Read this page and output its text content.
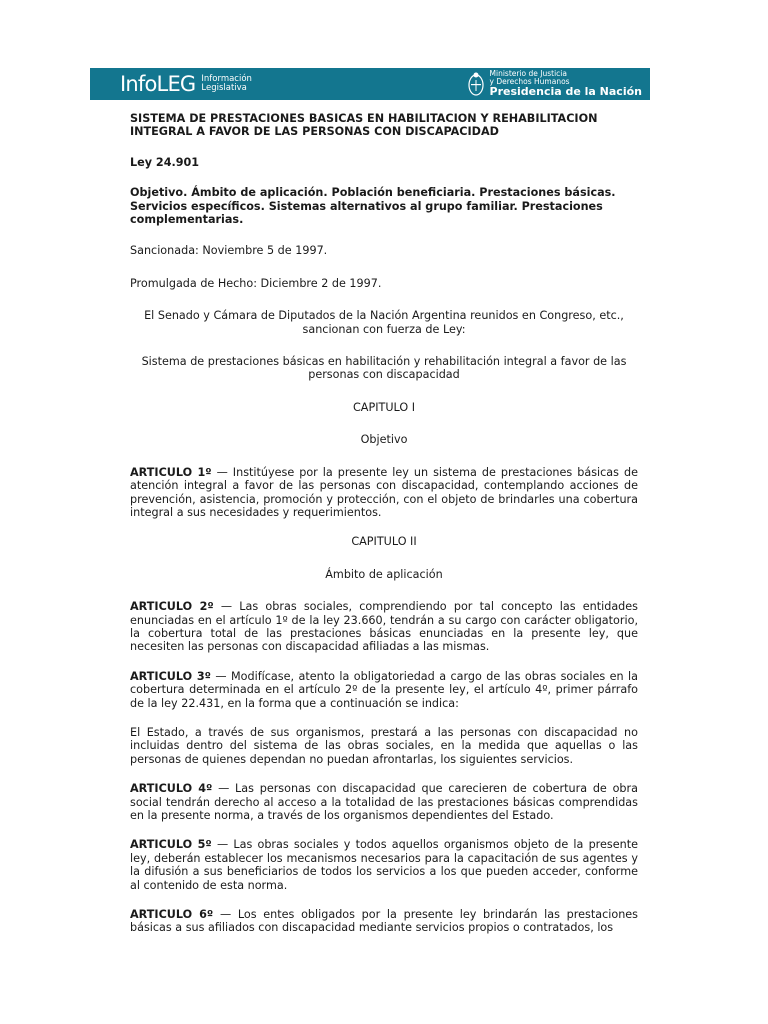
InfoLEG Información
Legislativa
Ministerio de Justicia
y Derechos Humanos
Presidencia de la Nación

SISTEMA DE PRESTACIONES BASICAS EN HABILITACION Y REHABILITACION INTEGRAL A FAVOR DE LAS PERSONAS CON DISCAPACIDAD

Ley 24.901

Objetivo. Ámbito de aplicación. Población beneficiaria. Prestaciones básicas. Servicios específicos. Sistemas alternativos al grupo familiar. Prestaciones complementarias.

Sancionada: Noviembre 5 de 1997.

Promulgada de Hecho: Diciembre 2 de 1997.

El Senado y Cámara de Diputados de la Nación Argentina reunidos en Congreso, etc., sancionan con fuerza de Ley:

Sistema de prestaciones básicas en habilitación y rehabilitación integral a favor de las personas con discapacidad

CAPITULO I

Objetivo

ARTICULO 1º — Institúyese por la presente ley un sistema de prestaciones básicas de atención integral a favor de las personas con discapacidad, contemplando acciones de prevención, asistencia, promoción y protección, con el objeto de brindarles una cobertura integral a sus necesidades y requerimientos.

CAPITULO II

Ámbito de aplicación

ARTICULO 2º — Las obras sociales, comprendiendo por tal concepto las entidades enunciadas en el artículo 1º de la ley 23.660, tendrán a su cargo con carácter obligatorio, la cobertura total de las prestaciones básicas enunciadas en la presente ley, que necesiten las personas con discapacidad afiliadas a las mismas.

ARTICULO 3º — Modifícase, atento la obligatoriedad a cargo de las obras sociales en la cobertura determinada en el artículo 2º de la presente ley, el artículo 4º, primer párrafo de la ley 22.431, en la forma que a continuación se indica:

El Estado, a través de sus organismos, prestará a las personas con discapacidad no incluidas dentro del sistema de las obras sociales, en la medida que aquellas o las personas de quienes dependan no puedan afrontarlas, los siguientes servicios.

ARTICULO 4º — Las personas con discapacidad que carecieren de cobertura de obra social tendrán derecho al acceso a la totalidad de las prestaciones básicas comprendidas en la presente norma, a través de los organismos dependientes del Estado.

ARTICULO 5º — Las obras sociales y todos aquellos organismos objeto de la presente ley, deberán establecer los mecanismos necesarios para la capacitación de sus agentes y la difusión a sus beneficiarios de todos los servicios a los que pueden acceder, conforme al contenido de esta norma.

ARTICULO 6º — Los entes obligados por la presente ley brindarán las prestaciones básicas a sus afiliados con discapacidad mediante servicios propios o contratados, los
